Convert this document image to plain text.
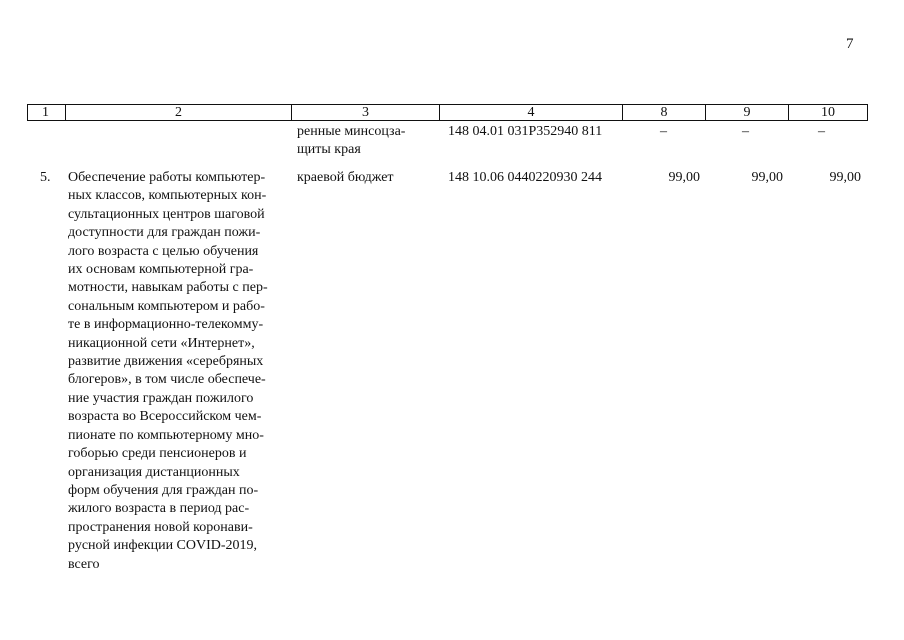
7
1	2	3	4	8	9	10
ренные минсоцза-
щиты края
148 04.01 031Р352940 811	–	–	–
5.	Обеспечение работы компьютер-
ных классов, компьютерных кон-
сультационных центров шаговой
доступности для граждан пожи-
лого возраста с целью обучения
их основам компьютерной гра-
мотности, навыкам работы с пер-
сональным компьютером и рабо-
те в информационно-телекомму-
никационной сети «Интернет»,
развитие движения «серебряных
блогеров», в том числе обеспече-
ние участия граждан пожилого
возраста во Всероссийском чем-
пионате по компьютерному мно-
гоборью среди пенсионеров и
организация дистанционных
форм обучения для граждан по-
жилого возраста в период рас-
пространения новой коронави-
русной инфекции COVID-2019,
всего
краевой бюджет	148 10.06 0440220930 244	99,00	99,00	99,00
